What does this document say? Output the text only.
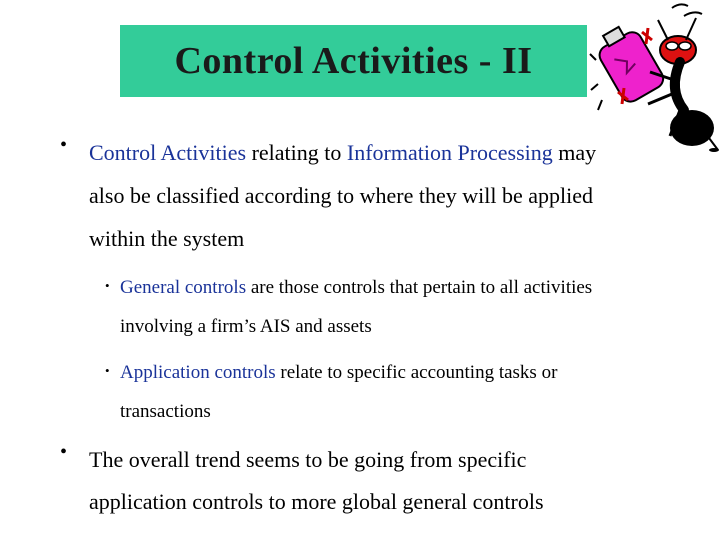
Control Activities - II
• Control Activities relating to Information Processing may
also be classified according to where they will be applied
within the system
• General controls are those controls that pertain to all activities
involving a firm’s AIS and assets
• Application controls relate to specific accounting tasks or
transactions
• The overall trend seems to be going from specific
application controls to more global general controls
